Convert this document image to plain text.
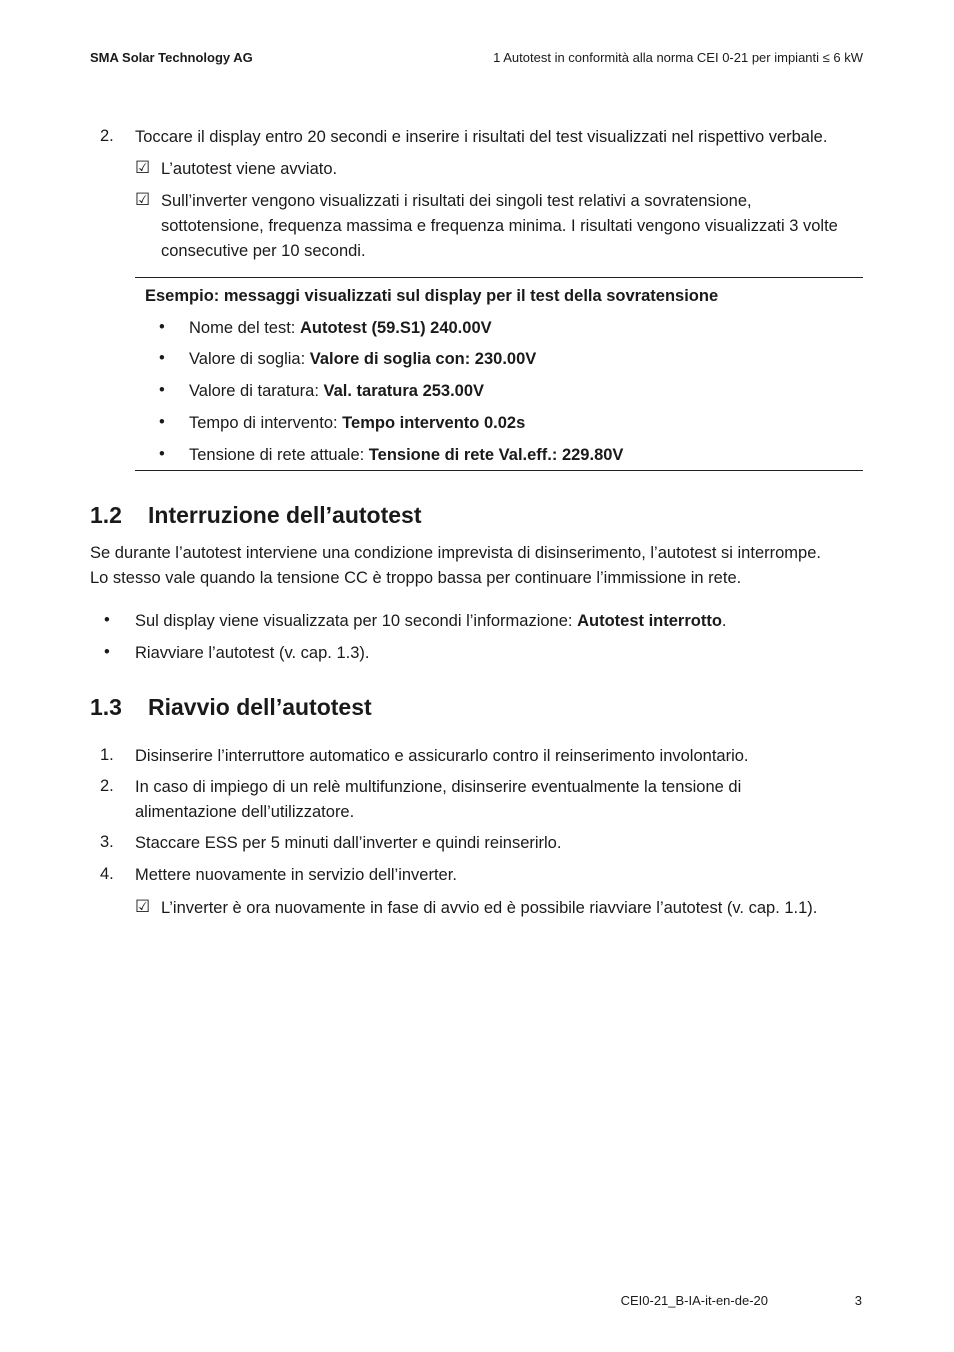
SMA Solar Technology AG	1 Autotest in conformità alla norma CEI 0-21 per impianti ≤ 6 kW
2. Toccare il display entro 20 secondi e inserire i risultati del test visualizzati nel rispettivo verbale.
☑ L’autotest viene avviato.
☑ Sull’inverter vengono visualizzati i risultati dei singoli test relativi a sovratensione,
sottotensione, frequenza massima e frequenza minima. I risultati vengono visualizzati 3 volte
consecutive per 10 secondi.
Esempio: messaggi visualizzati sul display per il test della sovratensione
• Nome del test: Autotest (59.S1) 240.00V
• Valore di soglia: Valore di soglia con: 230.00V
• Valore di taratura: Val. taratura 253.00V
• Tempo di intervento: Tempo intervento 0.02s
• Tensione di rete attuale: Tensione di rete Val.eff.: 229.80V
1.2 Interruzione dell’autotest
Se durante l’autotest interviene una condizione imprevista di disinserimento, l’autotest si interrompe.
Lo stesso vale quando la tensione CC è troppo bassa per continuare l’immissione in rete.
• Sul display viene visualizzata per 10 secondi l’informazione: Autotest interrotto.
• Riavviare l’autotest (v. cap. 1.3).
1.3 Riavvio dell’autotest
1. Disinserire l’interruttore automatico e assicurarlo contro il reinserimento involontario.
2. In caso di impiego di un relè multifunzione, disinserire eventualmente la tensione di
alimentazione dell’utilizzatore.
3. Staccare ESS per 5 minuti dall’inverter e quindi reinserirlo.
4. Mettere nuovamente in servizio dell’inverter.
☑ L’inverter è ora nuovamente in fase di avvio ed è possibile riavviare l’autotest (v. cap. 1.1).
CEI0-21_B-IA-it-en-de-20	3
